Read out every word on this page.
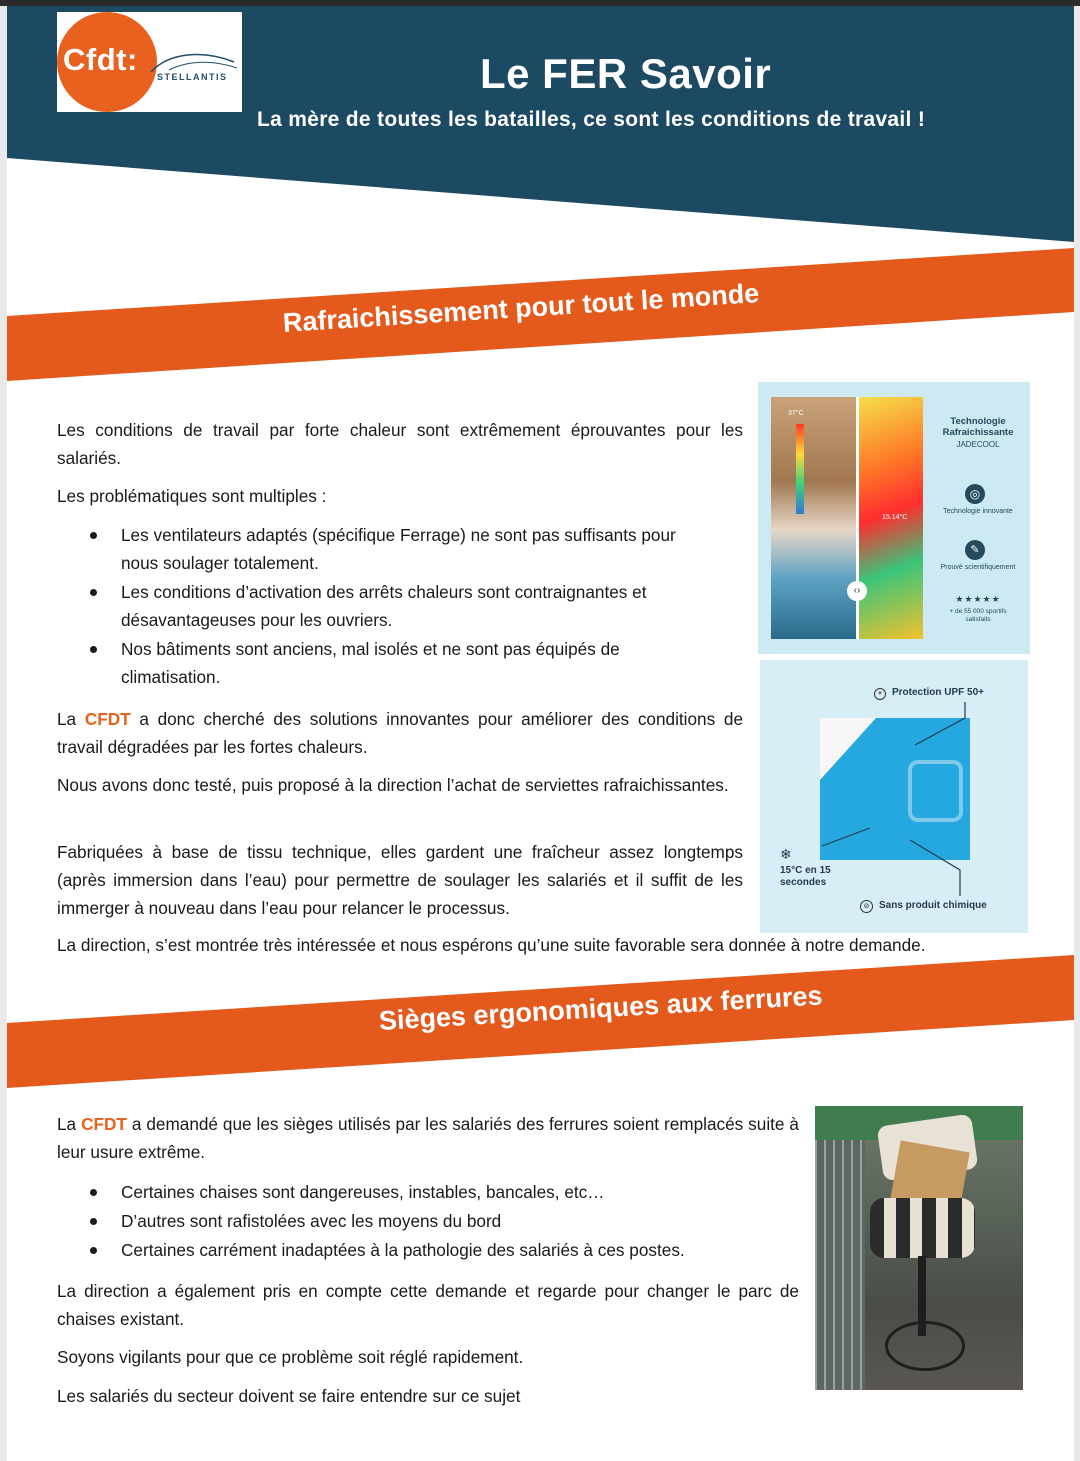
Cfdt: STELLANTIS	Le FER Savoir
La mère de toutes les batailles, ce sont les conditions de travail !
Rafraichissement pour tout le monde
Les conditions de travail par forte chaleur sont extrêmement éprouvantes pour les salariés.
Les problématiques sont multiples :
Les ventilateurs adaptés (spécifique Ferrage) ne sont pas suffisants pour nous soulager totalement.
Les conditions d’activation des arrêts chaleurs sont contraignantes et désavantageuses pour les ouvriers.
Nos bâtiments sont anciens, mal isolés et ne sont pas équipés de climatisation.
La CFDT a donc cherché des solutions innovantes pour améliorer des conditions de travail dégradées par les fortes chaleurs.
Nous avons donc testé, puis proposé à la direction l’achat de serviettes rafraichissantes.
Fabriquées à base de tissu technique, elles gardent une fraîcheur assez longtemps (après immersion dans l’eau) pour permettre de soulager les salariés et il suffit de les immerger à nouveau dans l’eau pour relancer le processus.
La direction, s’est montrée très intéressée et nous espérons qu’une suite favorable sera donnée à notre demande.
37°C
15.14°C
‹›
Technologie Rafraichissante
JADECOOL
◎
Technologie innovante
✎
Prouvé scientifiquement
★★★★★
+ de 55 000 sportifs satisfaits
☀ Protection UPF 50+
❄
15°C en 15 secondes
⊘ Sans produit chimique
Sièges ergonomiques aux ferrures
La CFDT a demandé que les sièges utilisés par les salariés des ferrures soient remplacés suite à leur usure extrême.
Certaines chaises sont dangereuses, instables, bancales, etc…
D’autres sont rafistolées avec les moyens du bord
Certaines carrément inadaptées à la pathologie des salariés à ces postes.
La direction a également pris en compte cette demande et regarde pour changer le parc de chaises existant.
Soyons vigilants pour que ce problème soit réglé rapidement.
Les salariés du secteur doivent se faire entendre sur ce sujet
